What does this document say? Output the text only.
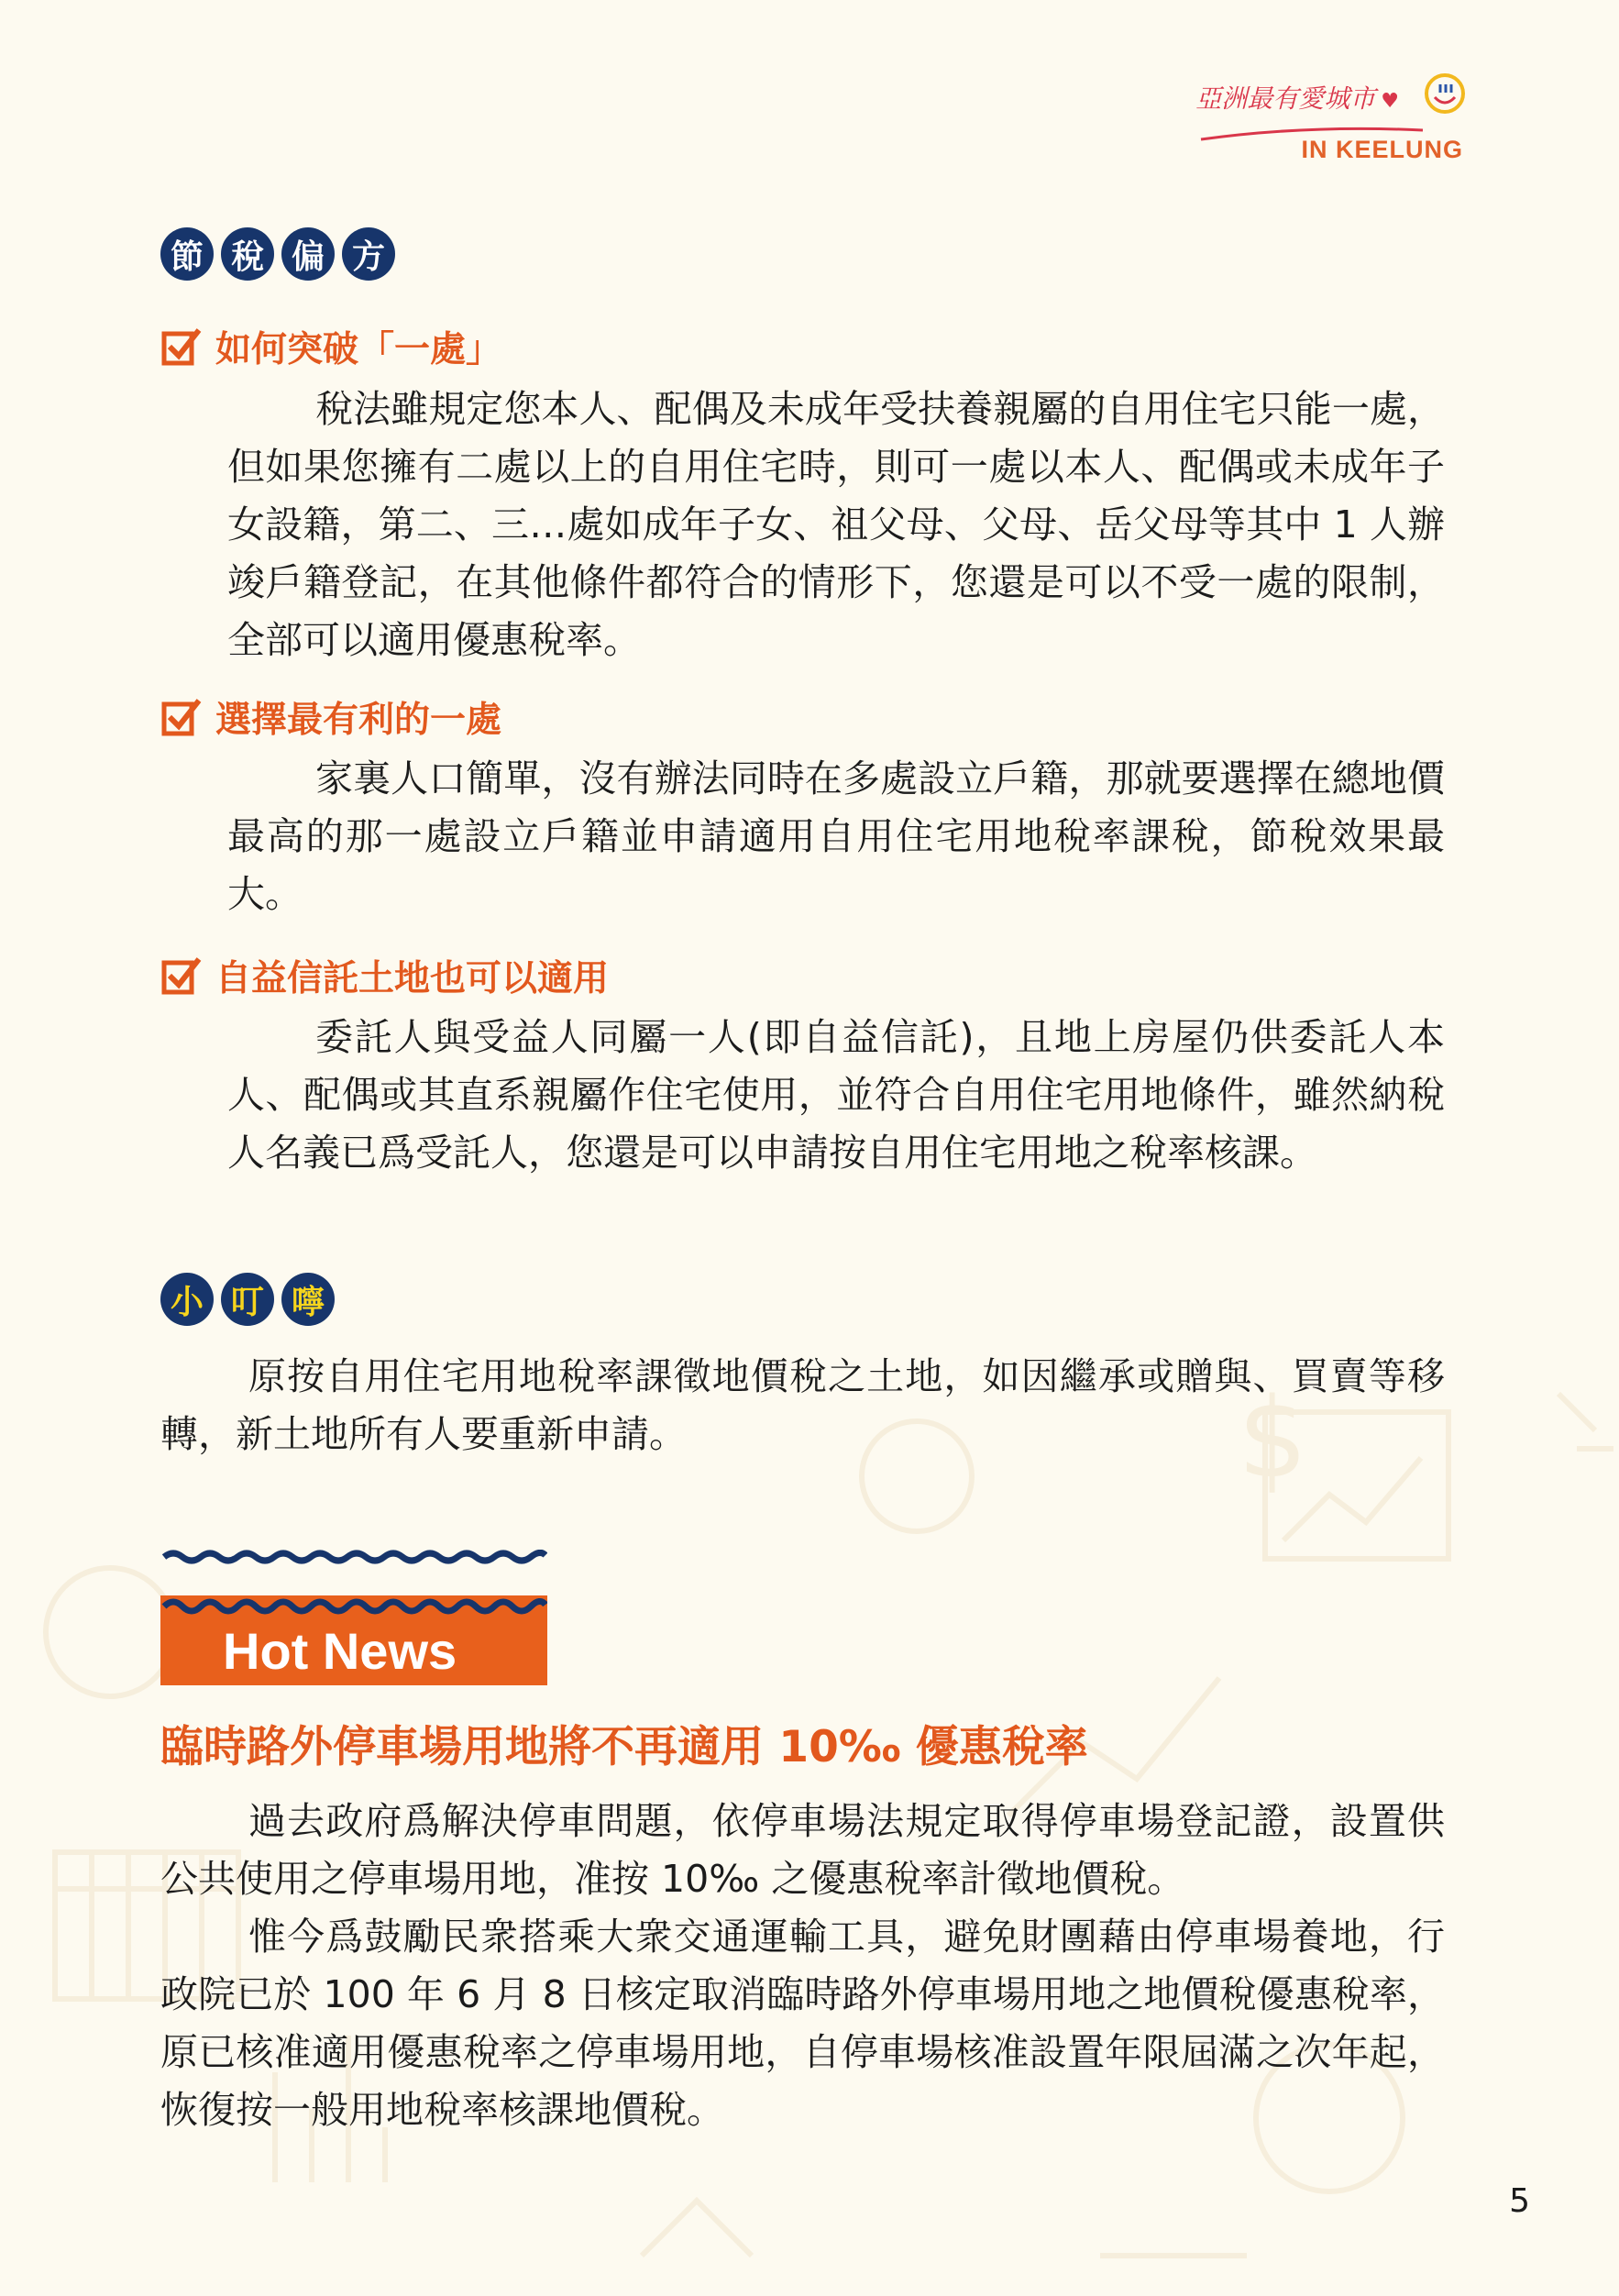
$
亞洲最有愛城市 ♥
IN KEELUNG
節 稅 偏 方
如何突破「一處」

稅法雖規定您本人、配偶及未成年受扶養親屬的自用住宅只能一處，但如果您擁有二處以上的自用住宅時，則可一處以本人、配偶或未成年子女設籍，第二、三…處如成年子女、祖父母、父母、岳父母等其中 1 人辦竣戶籍登記，在其他條件都符合的情形下，您還是可以不受一處的限制，全部可以適用優惠稅率。

選擇最有利的一處

家裏人口簡單，沒有辦法同時在多處設立戶籍，那就要選擇在總地價最高的那一處設立戶籍並申請適用自用住宅用地稅率課稅，節稅效果最大。

自益信託土地也可以適用

委託人與受益人同屬一人(即自益信託)，且地上房屋仍供委託人本人、配偶或其直系親屬作住宅使用，並符合自用住宅用地條件，雖然納稅人名義已爲受託人，您還是可以申請按自用住宅用地之稅率核課。

小 叮 嚀

原按自用住宅用地稅率課徵地價稅之土地，如因繼承或贈與、買賣等移轉，新土地所有人要重新申請。

Hot News
臨時路外停車場用地將不再適用 10‰ 優惠稅率

過去政府爲解決停車問題，依停車場法規定取得停車場登記證，設置供公共使用之停車場用地，准按 10‰ 之優惠稅率計徵地價稅。

惟今爲鼓勵民衆搭乘大衆交通運輸工具，避免財團藉由停車場養地，行政院已於 100 年 6 月 8 日核定取消臨時路外停車場用地之地價稅優惠稅率，原已核准適用優惠稅率之停車場用地，自停車場核准設置年限屆滿之次年起，恢復按一般用地稅率核課地價稅。

5
